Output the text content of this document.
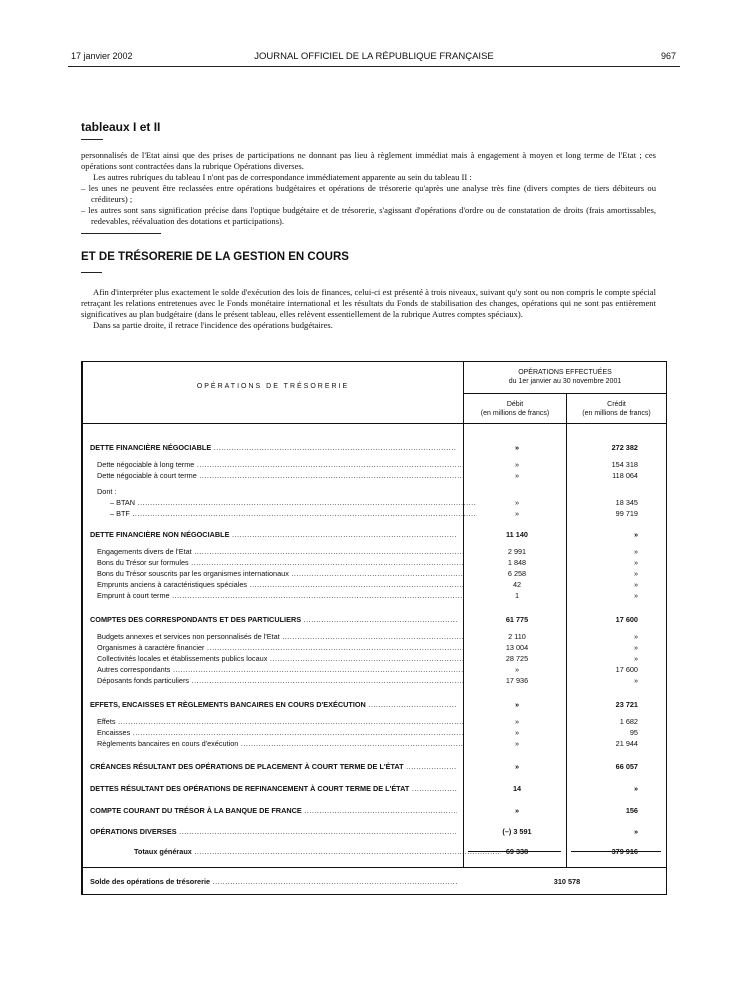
17 janvier 2002	JOURNAL OFFICIEL DE LA RÉPUBLIQUE FRANÇAISE	967
tableaux I et II

personnalisés de l'Etat ainsi que des prises de participations ne donnant pas lieu à règlement immédiat mais à engagement à moyen et long terme de l'Etat ; ces opérations sont contractées dans la rubrique Opérations diverses.

Les autres rubriques du tableau I n'ont pas de correspondance immédiatement apparente au sein du tableau II :

– les unes ne peuvent être reclassées entre opérations budgétaires et opérations de trésorerie qu'après une analyse très fine (divers comptes de tiers débiteurs ou créditeurs) ;

– les autres sont sans signification précise dans l'optique budgétaire et de trésorerie, s'agissant d'opérations d'ordre ou de constatation de droits (frais amortissables, redevables, réévaluation des dotations et participations).

ET DE TRÉSORERIE DE LA GESTION EN COURS

Afin d'interpréter plus exactement le solde d'exécution des lois de finances, celui-ci est présenté à trois niveaux, suivant qu'y sont ou non compris le compte spécial retraçant les relations entretenues avec le Fonds monétaire international et les résultats du Fonds de stabilisation des changes, opérations qui ne sont pas entièrement significatives au plan budgétaire (dans le présent tableau, elles relèvent essentiellement de la rubrique Autres comptes spéciaux).

Dans sa partie droite, il retrace l'incidence des opérations budgétaires.

OPÉRATIONS DE TRÉSORERIE
OPÉRATIONS EFFECTUÉES
du 1er janvier au 30 novembre 2001
Débit
(en millions de francs)
Crédit
(en millions de francs)
DETTE FINANCIÈRE NÉGOCIABLE .....	»	272 382
Dette négociable à long terme .....	»	154 318
Dette négociable à court terme .....	»	118 064
Dont :
– BTAN .....	»	18 345
– BTF .....	»	99 719
DETTE FINANCIÈRE NON NÉGOCIABLE .....	11 140	»
Engagements divers de l'Etat .....	2 991	»
Bons du Trésor sur formules .....	1 848	»
Bons du Trésor souscrits par les organismes internationaux .....	6 258	»
Emprunts anciens à caractéristiques spéciales .....	42	»
Emprunt à court terme .....	1	»
COMPTES DES CORRESPONDANTS ET DES PARTICULIERS .....	61 775	17 600
Budgets annexes et services non personnalisés de l'Etat .....	2 110	»
Organismes à caractère financier .....	13 004	»
Collectivités locales et établissements publics locaux .....	28 725	»
Autres correspondants .....	»	17 600
Déposants fonds particuliers .....	17 936	»
EFFETS, ENCAISSES ET RÈGLEMENTS BANCAIRES EN COURS D'EXÉCUTION .....	»	23 721
Effets .....	»	1 682
Encaisses .....	»	95
Règlements bancaires en cours d'exécution .....	»	21 944
CRÉANCES RÉSULTANT DES OPÉRATIONS DE PLACEMENT À COURT TERME DE L'ÉTAT .....	»	66 057
DETTES RÉSULTANT DES OPÉRATIONS DE REFINANCEMENT À COURT TERME DE L'ÉTAT .....	14	»
COMPTE COURANT DU TRÉSOR À LA BANQUE DE FRANCE .....	»	156
OPÉRATIONS DIVERSES .....	(–) 3 591	»
Totaux généraux .....	69 338	379 916
Solde des opérations de trésorerie .....	310 578
